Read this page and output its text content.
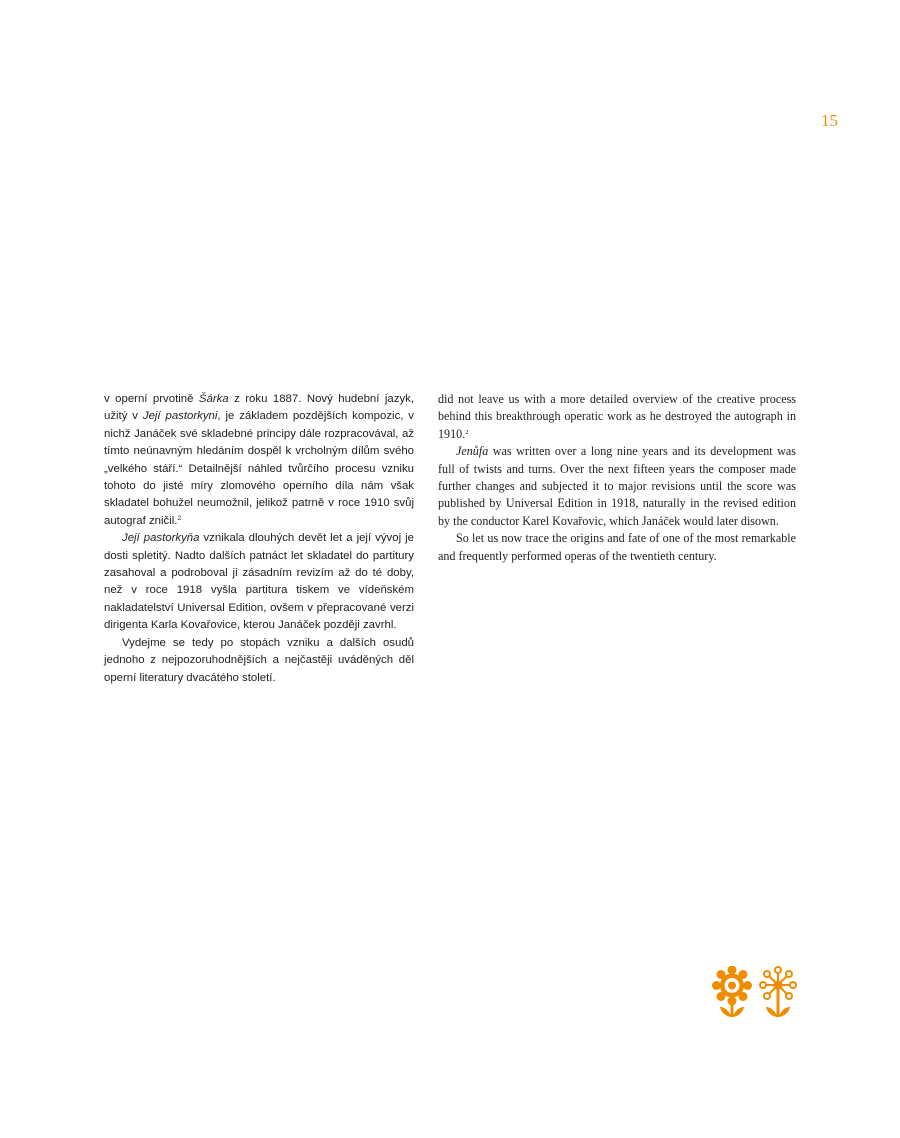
15

v operní prvotině Šárka z roku 1887. Nový hudební jazyk, užitý v Její pastorkyni, je základem pozdějších kompozic, v nichž Janáček své skladebné principy dále rozpracovával, až tímto neúnavným hledáním dospěl k vrcholným dílům svého „velkého stáří.“ Detailnější náhled tvůrčího procesu vzniku tohoto do jisté míry zlomového operního díla nám však skladatel bohužel neumožnil, jelikož patrně v roce 1910 svůj autograf zničil.$^2$

Její pastorkyňa vznikala dlouhých devět let a její vývoj je dosti spletitý. Nadto dalších patnáct let skladatel do partitury zasahoval a podroboval ji zásadním revizím až do té doby, než v roce 1918 vyšla partitura tiskem ve vídeňském nakladatelství Universal Edition, ovšem v přepracované verzi dirigenta Karla Kovařovice, kterou Janáček později zavrhl.

Vydejme se tedy po stopách vzniku a dalších osudů jednoho z nejpozoruhodnějších a nejčastěji uváděných děl operní literatury dvacátého století.

did not leave us with a more detailed overview of the creative process behind this breakthrough operatic work as he destroyed the autograph in 1910.$^2$

Jenůfa was written over a long nine years and its development was full of twists and turns. Over the next fifteen years the composer made further changes and subjected it to major revisions until the score was published by Universal Edition in 1918, naturally in the revised edition by the conductor Karel Kovařovic, which Janáček would later disown.

So let us now trace the origins and fate of one of the most remarkable and frequently performed operas of the twentieth century.
